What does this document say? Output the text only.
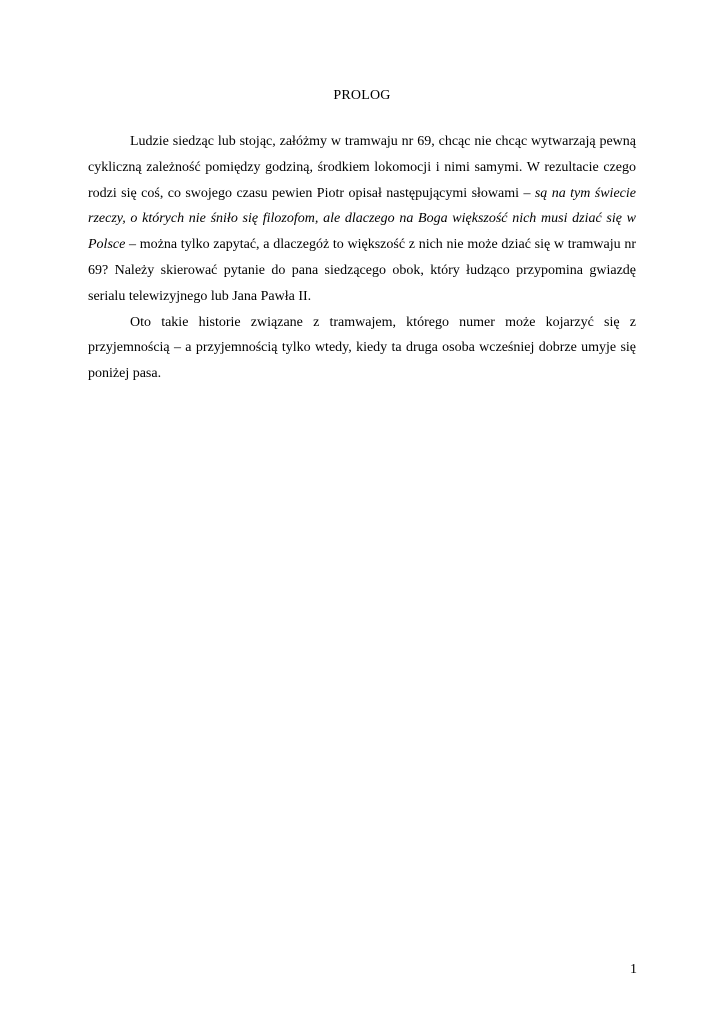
PROLOG

Ludzie siedząc lub stojąc, załóżmy w tramwaju nr 69, chcąc nie chcąc wytwarzają pewną cykliczną zależność pomiędzy godziną, środkiem lokomocji i nimi samymi. W rezultacie czego rodzi się coś, co swojego czasu pewien Piotr opisał następującymi słowami – są na tym świecie rzeczy, o których nie śniło się filozofom, ale dlaczego na Boga większość nich musi dziać się w Polsce – można tylko zapytać, a dlaczegóż to większość z nich nie może dziać się w tramwaju nr 69? Należy skierować pytanie do pana siedzącego obok, który łudząco przypomina gwiazdę serialu telewizyjnego lub Jana Pawła II.

Oto takie historie związane z tramwajem, którego numer może kojarzyć się z przyjemnością – a przyjemnością tylko wtedy, kiedy ta druga osoba wcześniej dobrze umyje się poniżej pasa.

1
